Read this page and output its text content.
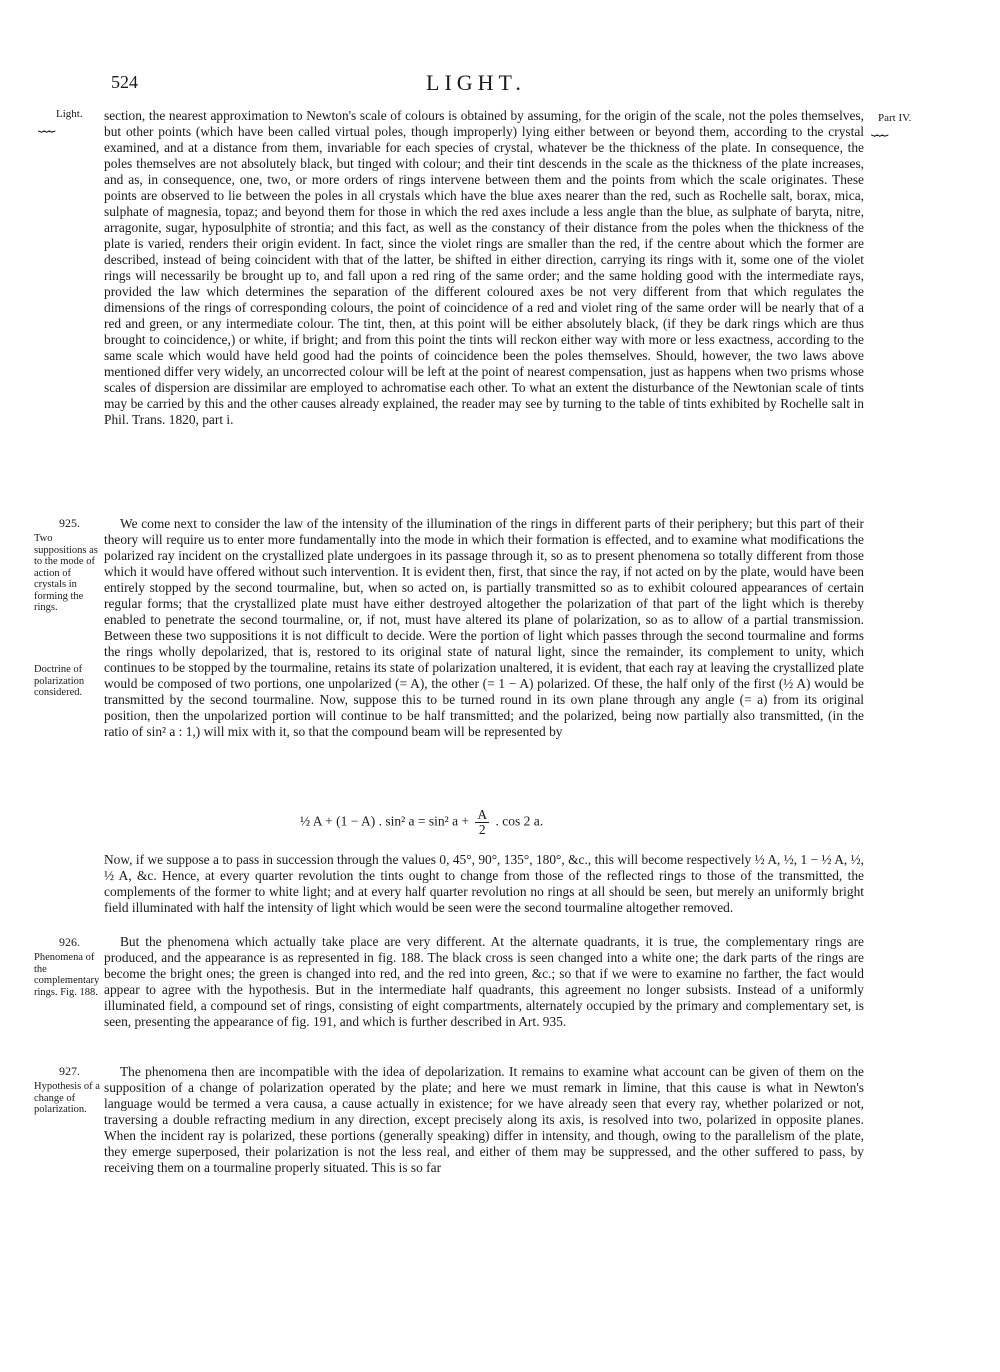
524	LIGHT.
Light.
⏟⏟⏟	Part IV.
⏟⏟⏟

section, the nearest approximation to Newton's scale of colours is obtained by assuming, for the origin of the scale, not the poles themselves, but other points (which have been called virtual poles, though improperly) lying either between or beyond them, according to the crystal examined, and at a distance from them, invariable for each species of crystal, whatever be the thickness of the plate. In consequence, the poles themselves are not absolutely black, but tinged with colour; and their tint descends in the scale as the thickness of the plate increases, and as, in consequence, one, two, or more orders of rings intervene between them and the points from which the scale originates. These points are observed to lie between the poles in all crystals which have the blue axes nearer than the red, such as Rochelle salt, borax, mica, sulphate of magnesia, topaz; and beyond them for those in which the red axes include a less angle than the blue, as sulphate of baryta, nitre, arragonite, sugar, hyposulphite of strontia; and this fact, as well as the constancy of their distance from the poles when the thickness of the plate is varied, renders their origin evident. In fact, since the violet rings are smaller than the red, if the centre about which the former are described, instead of being coincident with that of the latter, be shifted in either direction, carrying its rings with it, some one of the violet rings will necessarily be brought up to, and fall upon a red ring of the same order; and the same holding good with the intermediate rays, provided the law which determines the separation of the different coloured axes be not very different from that which regulates the dimensions of the rings of corresponding colours, the point of coincidence of a red and violet ring of the same order will be nearly that of a red and green, or any intermediate colour. The tint, then, at this point will be either absolutely black, (if they be dark rings which are thus brought to coincidence,) or white, if bright; and from this point the tints will reckon either way with more or less exactness, according to the same scale which would have held good had the points of coincidence been the poles themselves. Should, however, the two laws above mentioned differ very widely, an uncorrected colour will be left at the point of nearest compensation, just as happens when two prisms whose scales of dispersion are dissimilar are employed to achromatise each other. To what an extent the disturbance of the Newtonian scale of tints may be carried by this and the other causes already explained, the reader may see by turning to the table of tints exhibited by Rochelle salt in Phil. Trans. 1820, part i.

925.
Two suppositions as to the mode of action of crystals in forming the rings.
Doctrine of polarization considered.

We come next to consider the law of the intensity of the illumination of the rings in different parts of their periphery; but this part of their theory will require us to enter more fundamentally into the mode in which their formation is effected, and to examine what modifications the polarized ray incident on the crystallized plate undergoes in its passage through it, so as to present phenomena so totally different from those which it would have offered without such intervention. It is evident then, first, that since the ray, if not acted on by the plate, would have been entirely stopped by the second tourmaline, but, when so acted on, is partially transmitted so as to exhibit coloured appearances of certain regular forms; that the crystallized plate must have either destroyed altogether the polarization of that part of the light which is thereby enabled to penetrate the second tourmaline, or, if not, must have altered its plane of polarization, so as to allow of a partial transmission. Between these two suppositions it is not difficult to decide. Were the portion of light which passes through the second tourmaline and forms the rings wholly depolarized, that is, restored to its original state of natural light, since the remainder, its complement to unity, which continues to be stopped by the tourmaline, retains its state of polarization unaltered, it is evident, that each ray at leaving the crystallized plate would be composed of two portions, one unpolarized (= A), the other (= 1 − A) polarized. Of these, the half only of the first (½ A) would be transmitted by the second tourmaline. Now, suppose this to be turned round in its own plane through any angle (= a) from its original position, then the unpolarized portion will continue to be half transmitted; and the polarized, being now partially also transmitted, (in the ratio of sin² a : 1,) will mix with it, so that the compound beam will be represented by

½ A + (1 − A) . sin² a = sin² $a + \frac{A}{2}$ . cos 2 a.

Now, if we suppose a to pass in succession through the values 0, 45°, 90°, 135°, 180°, &c., this will become respectively ½ A, ½, 1 − ½ A, ½, ½ A, &c. Hence, at every quarter revolution the tints ought to change from those of the reflected rings to those of the transmitted, the complements of the former to white light; and at every half quarter revolution no rings at all should be seen, but merely an uniformly bright field illuminated with half the intensity of light which would be seen were the second tourmaline altogether removed.

926.
Phenomena of the complementary rings. Fig. 188.

But the phenomena which actually take place are very different. At the alternate quadrants, it is true, the complementary rings are produced, and the appearance is as represented in fig. 188. The black cross is seen changed into a white one; the dark parts of the rings are become the bright ones; the green is changed into red, and the red into green, &c.; so that if we were to examine no farther, the fact would appear to agree with the hypothesis. But in the intermediate half quadrants, this agreement no longer subsists. Instead of a uniformly illuminated field, a compound set of rings, consisting of eight compartments, alternately occupied by the primary and complementary set, is seen, presenting the appearance of fig. 191, and which is further described in Art. 935.

927.
Hypothesis of a change of polarization.

The phenomena then are incompatible with the idea of depolarization. It remains to examine what account can be given of them on the supposition of a change of polarization operated by the plate; and here we must remark in limine, that this cause is what in Newton's language would be termed a vera causa, a cause actually in existence; for we have already seen that every ray, whether polarized or not, traversing a double refracting medium in any direction, except precisely along its axis, is resolved into two, polarized in opposite planes. When the incident ray is polarized, these portions (generally speaking) differ in intensity, and though, owing to the parallelism of the plate, they emerge superposed, their polarization is not the less real, and either of them may be suppressed, and the other suffered to pass, by receiving them on a tourmaline properly situated. This is so far
